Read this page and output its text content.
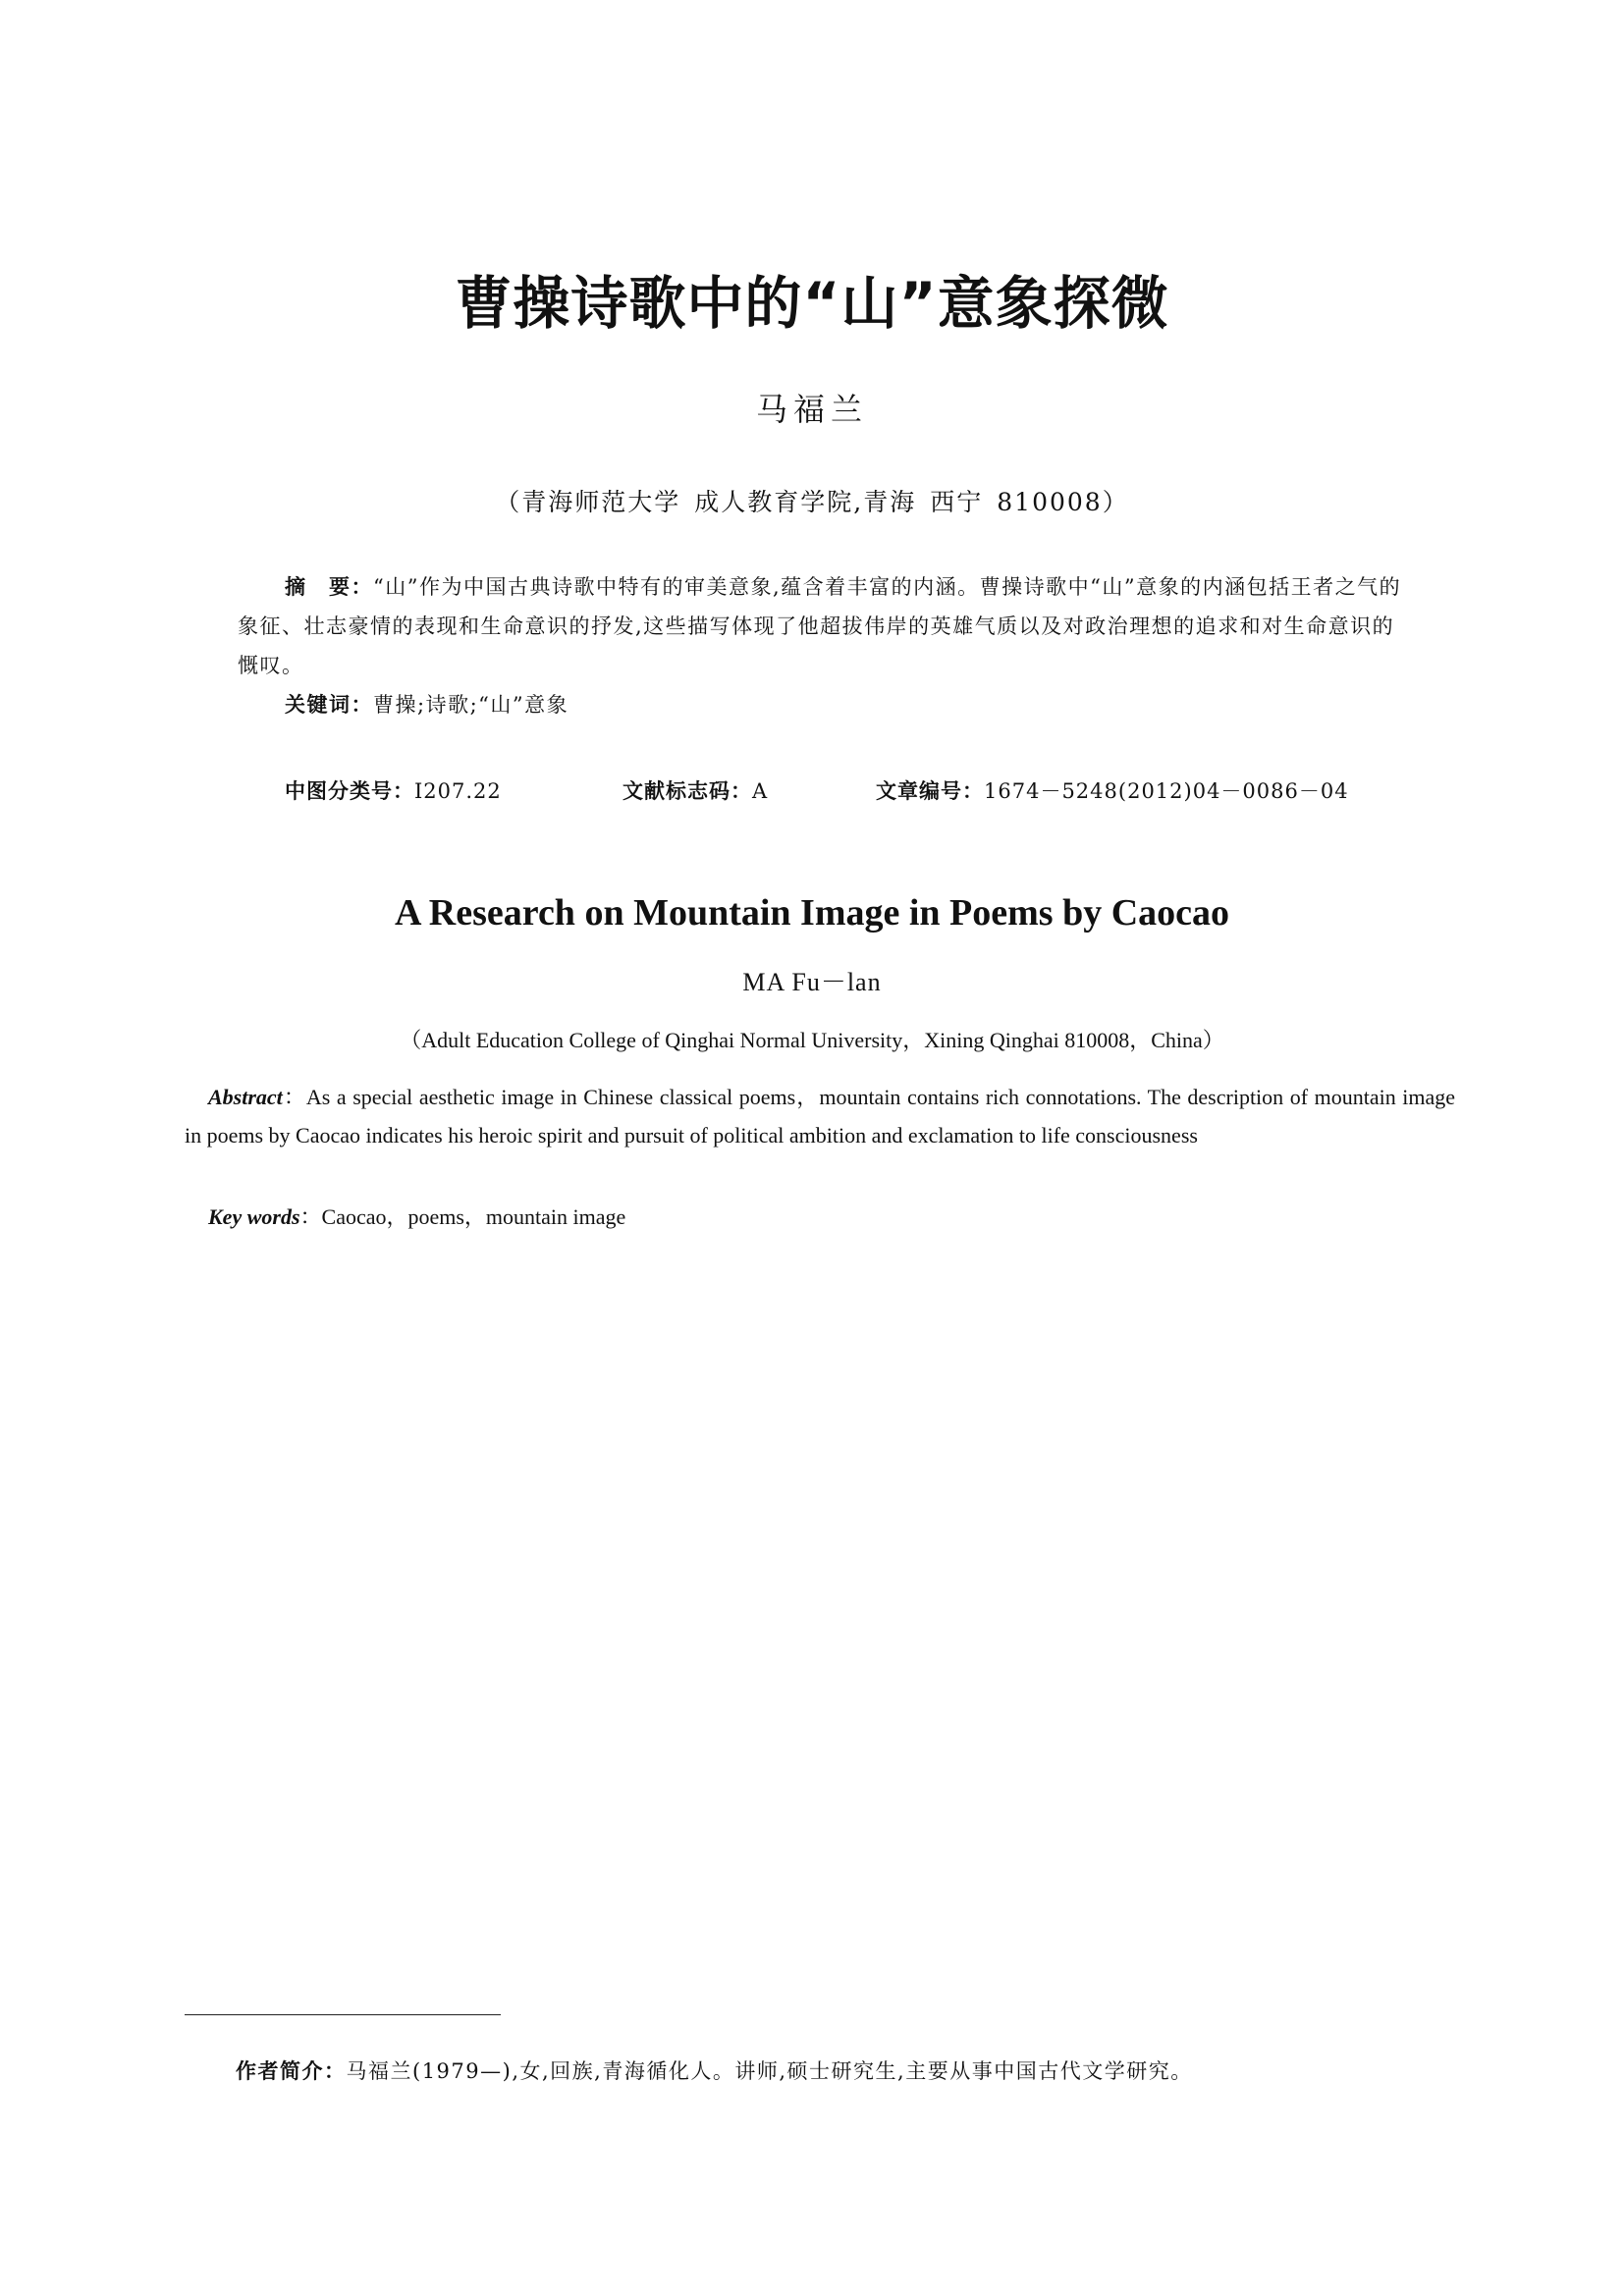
曹操诗歌中的“山”意象探微
马福兰
（青海师范大学 成人教育学院,青海 西宁 810008）
摘　要：“山”作为中国古典诗歌中特有的审美意象,蕴含着丰富的内涵。曹操诗歌中“山”意象的内涵包括王者之气的象征、壮志豪情的表现和生命意识的抒发,这些描写体现了他超拔伟岸的英雄气质以及对政治理想的追求和对生命意识的慨叹。
关键词：曹操;诗歌;“山”意象
中图分类号：I207.22	文献标志码：A	文章编号：1674－5248(2012)04－0086－04
A Research on Mountain Image in Poems by Caocao
MA Fu－lan
（Adult Education College of Qinghai Normal University，Xining Qinghai 810008，China）
Abstract：As a special aesthetic image in Chinese classical poems，mountain contains rich connotations. The description of mountain image in poems by Caocao indicates his heroic spirit and pursuit of political ambition and exclamation to life consciousness
Key words：Caocao，poems，mountain image
作者简介：马福兰(1979—),女,回族,青海循化人。讲师,硕士研究生,主要从事中国古代文学研究。
